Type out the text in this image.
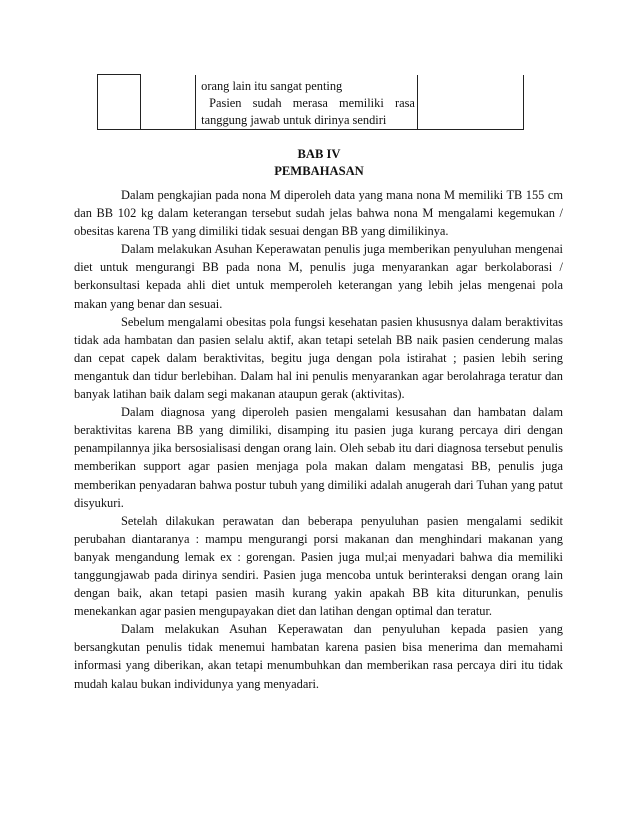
orang lain itu sangat penting
Pasien sudah merasa memiliki rasa
tanggung jawab untuk dirinya sendiri

BAB IV
PEMBAHASAN

Dalam pengkajian pada nona M diperoleh data yang mana nona M memiliki TB 155 cm dan BB 102 kg dalam keterangan tersebut sudah jelas bahwa nona M mengalami kegemukan / obesitas karena TB yang dimiliki tidak sesuai dengan BB yang dimilikinya.

Dalam melakukan Asuhan Keperawatan penulis juga memberikan penyuluhan mengenai diet untuk mengurangi BB pada nona M, penulis juga menyarankan agar berkolaborasi / berkonsultasi kepada ahli diet untuk memperoleh keterangan yang lebih jelas mengenai pola makan yang benar dan sesuai.

Sebelum mengalami obesitas pola fungsi kesehatan pasien khususnya dalam beraktivitas tidak ada hambatan dan pasien selalu aktif, akan tetapi setelah BB naik pasien cenderung malas dan cepat capek dalam beraktivitas, begitu juga dengan pola istirahat ; pasien lebih sering mengantuk dan tidur berlebihan. Dalam hal ini penulis menyarankan agar berolahraga teratur dan banyak latihan baik dalam segi makanan ataupun gerak (aktivitas).

Dalam diagnosa yang diperoleh pasien mengalami kesusahan dan hambatan dalam beraktivitas karena BB yang dimiliki, disamping itu pasien juga kurang percaya diri dengan penampilannya jika bersosialisasi dengan orang lain. Oleh sebab itu dari diagnosa tersebut penulis memberikan support agar pasien menjaga pola makan dalam mengatasi BB, penulis juga memberikan penyadaran bahwa postur tubuh yang dimiliki adalah anugerah dari Tuhan yang patut disyukuri.

Setelah dilakukan perawatan dan beberapa penyuluhan pasien mengalami sedikit perubahan diantaranya : mampu mengurangi porsi makanan dan menghindari makanan yang banyak mengandung lemak ex : gorengan. Pasien juga mul;ai menyadari bahwa dia memiliki tanggungjawab pada dirinya sendiri. Pasien juga mencoba untuk berinteraksi dengan orang lain dengan baik, akan tetapi pasien masih kurang yakin apakah BB kita diturunkan, penulis menekankan agar pasien mengupayakan diet dan latihan dengan optimal dan teratur.

Dalam melakukan Asuhan Keperawatan dan penyuluhan kepada pasien yang bersangkutan penulis tidak menemui hambatan karena pasien bisa menerima dan memahami informasi yang diberikan, akan tetapi menumbuhkan dan memberikan rasa percaya diri itu tidak mudah kalau bukan individunya yang menyadari.
